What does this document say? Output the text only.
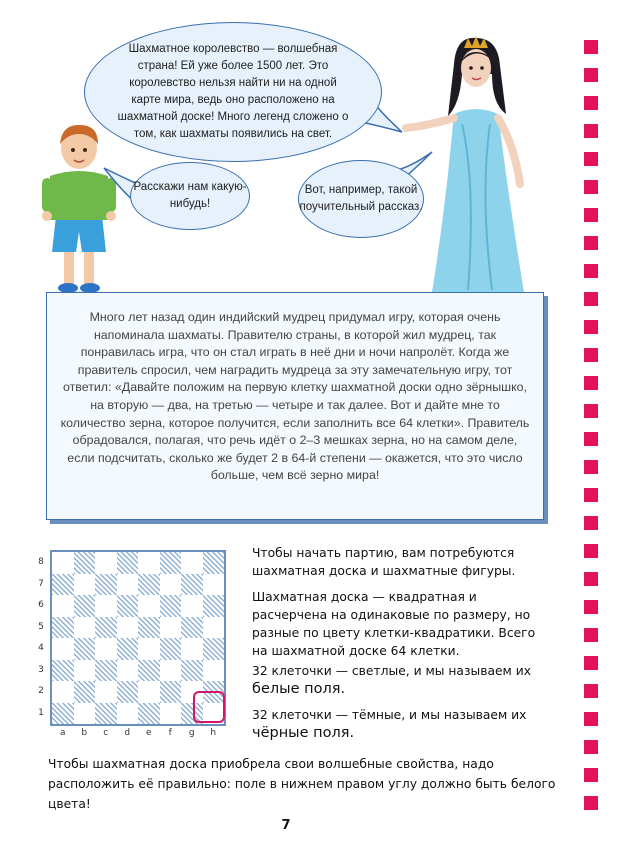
Шахматное королевство — волшебная страна! Ей уже более 1500 лет. Это королевство нельзя найти ни на одной карте мира, ведь оно расположено на шахматной доске! Много легенд сложено о том, как шахматы появились на свет.
Расскажи нам какую-нибудь!
Вот, например, такой поучительный рассказ.
Много лет назад один индийский мудрец придумал игру, которая очень напоминала шахматы. Правителю страны, в которой жил мудрец, так понравилась игра, что он стал играть в неё дни и ночи напролёт. Когда же правитель спросил, чем наградить мудреца за эту замечательную игру, тот ответил: «Давайте положим на первую клетку шахматной доски одно зёрнышко, на вторую — два, на третью — четыре и так далее. Вот и дайте мне то количество зерна, которое получится, если заполнить все 64 клетки». Правитель обрадовался, полагая, что речь идёт о 2–3 мешках зерна, но на самом деле, если подсчитать, сколько же будет 2 в 64-й степени — окажется, что это число больше, чем всё зерно мира!
8
7
6
5
4
3
2
1
a	b	c	d	e	f	g	h
Чтобы начать партию, вам потребуются шахматная доска и шахматные фигуры.
Шахматная доска — квадратная и расчерчена на одинаковые по размеру, но разные по цвету клетки-квадратики. Всего на шахматной доске 64 клетки.
32 клеточки — светлые, и мы называем их белые поля.
32 клеточки — тёмные, и мы называем их чёрные поля.
Чтобы шахматная доска приобрела свои волшебные свойства, надо расположить её правильно: поле в нижнем правом углу должно быть белого цвета!
7
